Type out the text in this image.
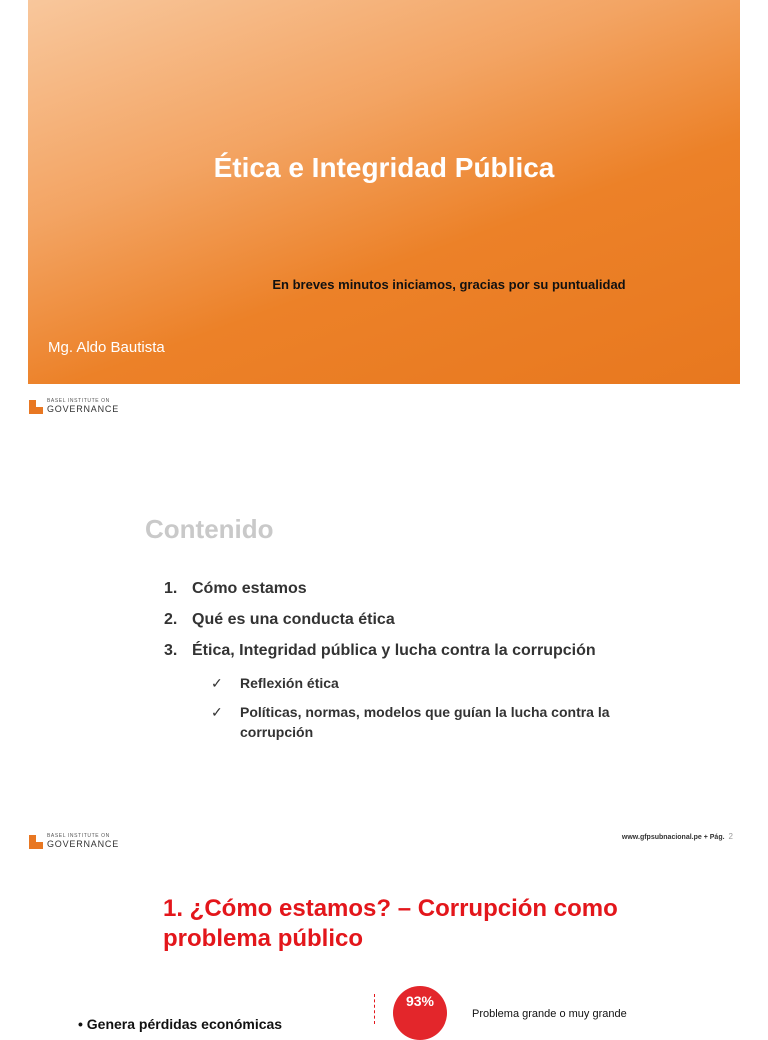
Ética e Integridad Pública
En breves minutos iniciamos, gracias por su puntualidad
Mg. Aldo Bautista
BASEL INSTITUTE ON
GOVERNANCE
Contenido
1. Cómo estamos
2. Qué es una conducta ética
3. Ética, Integridad pública y lucha contra la corrupción
✓	Reflexión ética
✓	Políticas, normas, modelos que guían la lucha contra la corrupción
BASEL INSTITUTE ON
GOVERNANCE
www.gfpsubnacional.pe + Pág. 2
1. ¿Cómo estamos? – Corrupción como problema público
• Genera pérdidas económicas
93%
Problema grande o muy grande
